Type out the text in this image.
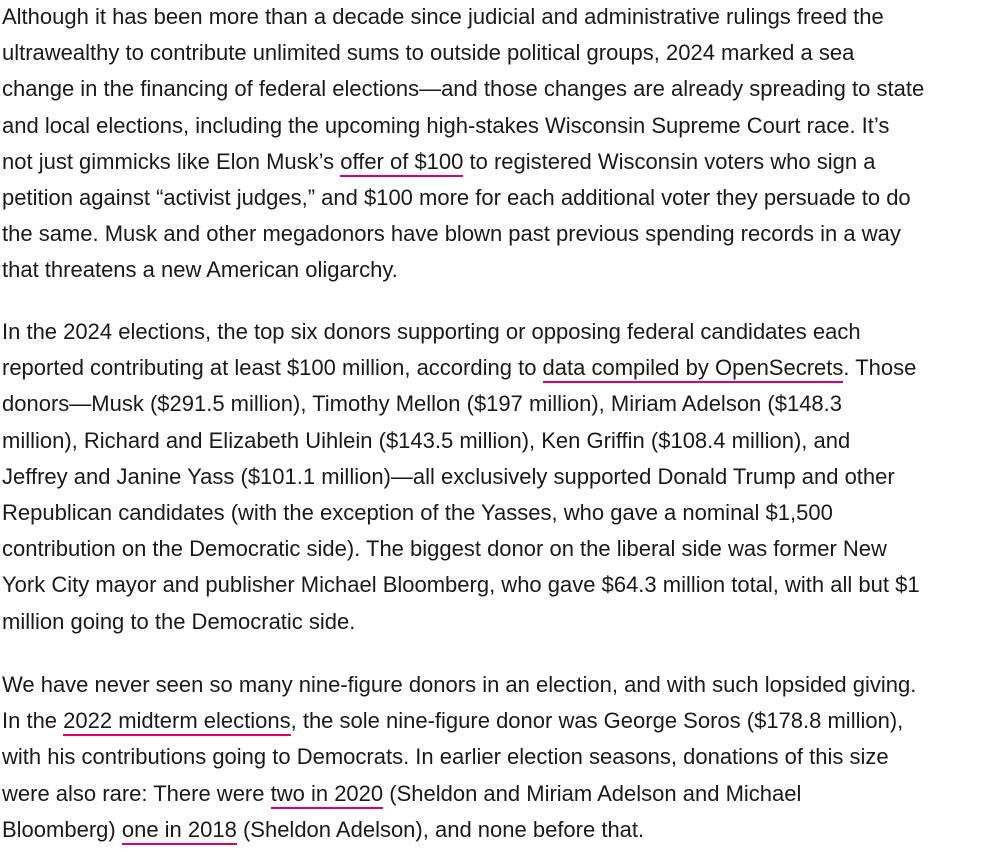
Although it has been more than a decade since judicial and administrative rulings freed the
ultrawealthy to contribute unlimited sums to outside political groups, 2024 marked a sea
change in the financing of federal elections—and those changes are already spreading to state
and local elections, including the upcoming high-stakes Wisconsin Supreme Court race. It’s
not just gimmicks like Elon Musk’s offer of $100 to registered Wisconsin voters who sign a
petition against “activist judges,” and $100 more for each additional voter they persuade to do
the same. Musk and other megadonors have blown past previous spending records in a way
that threatens a new American oligarchy.
In the 2024 elections, the top six donors supporting or opposing federal candidates each
reported contributing at least $100 million, according to data compiled by OpenSecrets. Those
donors—Musk ($291.5 million), Timothy Mellon ($197 million), Miriam Adelson ($148.3
million), Richard and Elizabeth Uihlein ($143.5 million), Ken Griffin ($108.4 million), and
Jeffrey and Janine Yass ($101.1 million)—all exclusively supported Donald Trump and other
Republican candidates (with the exception of the Yasses, who gave a nominal $1,500
contribution on the Democratic side). The biggest donor on the liberal side was former New
York City mayor and publisher Michael Bloomberg, who gave $64.3 million total, with all but $1
million going to the Democratic side.
We have never seen so many nine-figure donors in an election, and with such lopsided giving.
In the 2022 midterm elections, the sole nine-figure donor was George Soros ($178.8 million),
with his contributions going to Democrats. In earlier election seasons, donations of this size
were also rare: There were two in 2020 (Sheldon and Miriam Adelson and Michael
Bloomberg) one in 2018 (Sheldon Adelson), and none before that.
